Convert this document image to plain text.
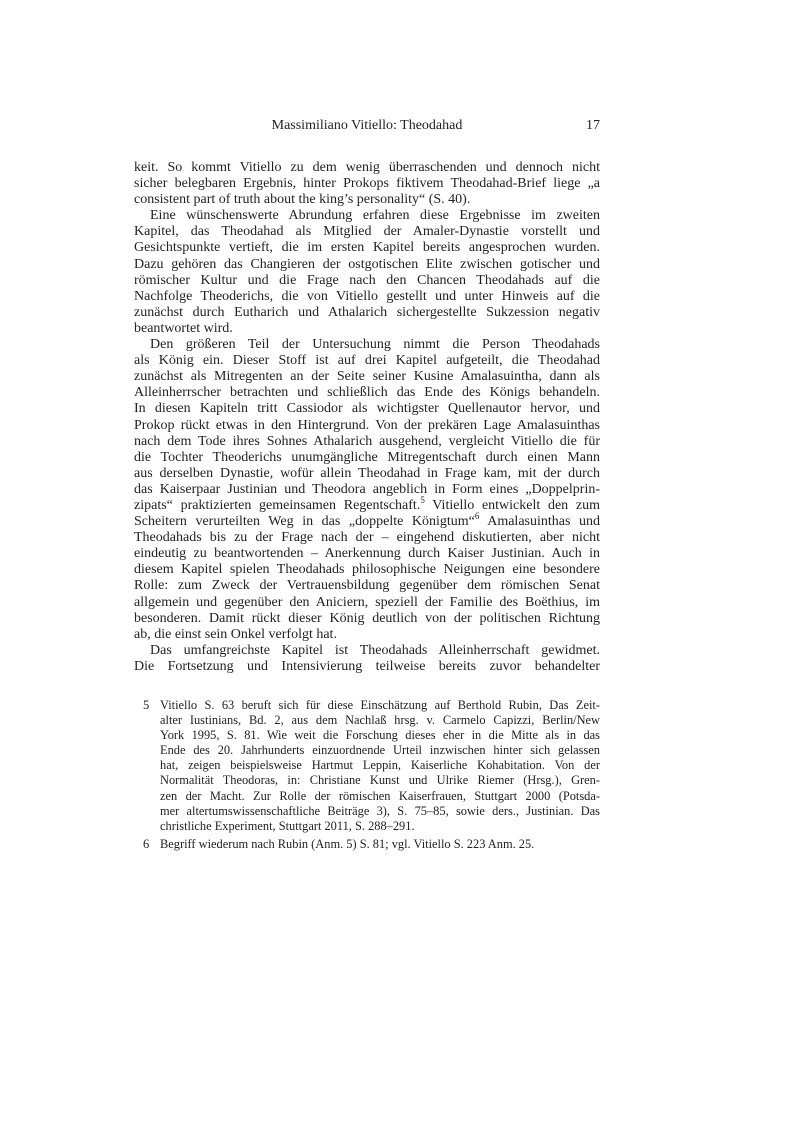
Massimiliano Vitiello: Theodahad	17
keit. So kommt Vitiello zu dem wenig überraschenden und dennoch nicht
sicher belegbaren Ergebnis, hinter Prokops fiktivem Theodahad-Brief liege „a
consistent part of truth about the king’s personality“ (S. 40).
Eine wünschenswerte Abrundung erfahren diese Ergebnisse im zweiten
Kapitel, das Theodahad als Mitglied der Amaler-Dynastie vorstellt und
Gesichtspunkte vertieft, die im ersten Kapitel bereits angesprochen wurden.
Dazu gehören das Changieren der ostgotischen Elite zwischen gotischer und
römischer Kultur und die Frage nach den Chancen Theodahads auf die
Nachfolge Theoderichs, die von Vitiello gestellt und unter Hinweis auf die
zunächst durch Eutharich und Athalarich sichergestellte Sukzession negativ
beantwortet wird.
Den größeren Teil der Untersuchung nimmt die Person Theodahads
als König ein. Dieser Stoff ist auf drei Kapitel aufgeteilt, die Theodahad
zunächst als Mitregenten an der Seite seiner Kusine Amalasuintha, dann als
Alleinherrscher betrachten und schließlich das Ende des Königs behandeln.
In diesen Kapiteln tritt Cassiodor als wichtigster Quellenautor hervor, und
Prokop rückt etwas in den Hintergrund. Von der prekären Lage Amalasuinthas
nach dem Tode ihres Sohnes Athalarich ausgehend, vergleicht Vitiello die für
die Tochter Theoderichs unumgängliche Mitregentschaft durch einen Mann
aus derselben Dynastie, wofür allein Theodahad in Frage kam, mit der durch
das Kaiserpaar Justinian und Theodora angeblich in Form eines „Doppelprin-
zipats“ praktizierten gemeinsamen Regentschaft.$^5$ Vitiello entwickelt den zum
Scheitern verurteilten Weg in das „doppelte Königtum“$^6$ Amalasuinthas und
Theodahads bis zu der Frage nach der – eingehend diskutierten, aber nicht
eindeutig zu beantwortenden – Anerkennung durch Kaiser Justinian. Auch in
diesem Kapitel spielen Theodahads philosophische Neigungen eine besondere
Rolle: zum Zweck der Vertrauensbildung gegenüber dem römischen Senat
allgemein und gegenüber den Aniciern, speziell der Familie des Boëthius, im
besonderen. Damit rückt dieser König deutlich von der politischen Richtung
ab, die einst sein Onkel verfolgt hat.
Das umfangreichste Kapitel ist Theodahads Alleinherrschaft gewidmet.
Die Fortsetzung und Intensivierung teilweise bereits zuvor behandelter
5 Vitiello S. 63 beruft sich für diese Einschätzung auf Berthold Rubin, Das Zeit-
alter Iustinians, Bd. 2, aus dem Nachlaß hrsg. v. Carmelo Capizzi, Berlin/New
York 1995, S. 81. Wie weit die Forschung dieses eher in die Mitte als in das
Ende des 20. Jahrhunderts einzuordnende Urteil inzwischen hinter sich gelassen
hat, zeigen beispielsweise Hartmut Leppin, Kaiserliche Kohabitation. Von der
Normalität Theodoras, in: Christiane Kunst und Ulrike Riemer (Hrsg.), Gren-
zen der Macht. Zur Rolle der römischen Kaiserfrauen, Stuttgart 2000 (Potsda-
mer altertumswissenschaftliche Beiträge 3), S. 75–85, sowie ders., Justinian. Das
christliche Experiment, Stuttgart 2011, S. 288–291.
6 Begriff wiederum nach Rubin (Anm. 5) S. 81; vgl. Vitiello S. 223 Anm. 25.
